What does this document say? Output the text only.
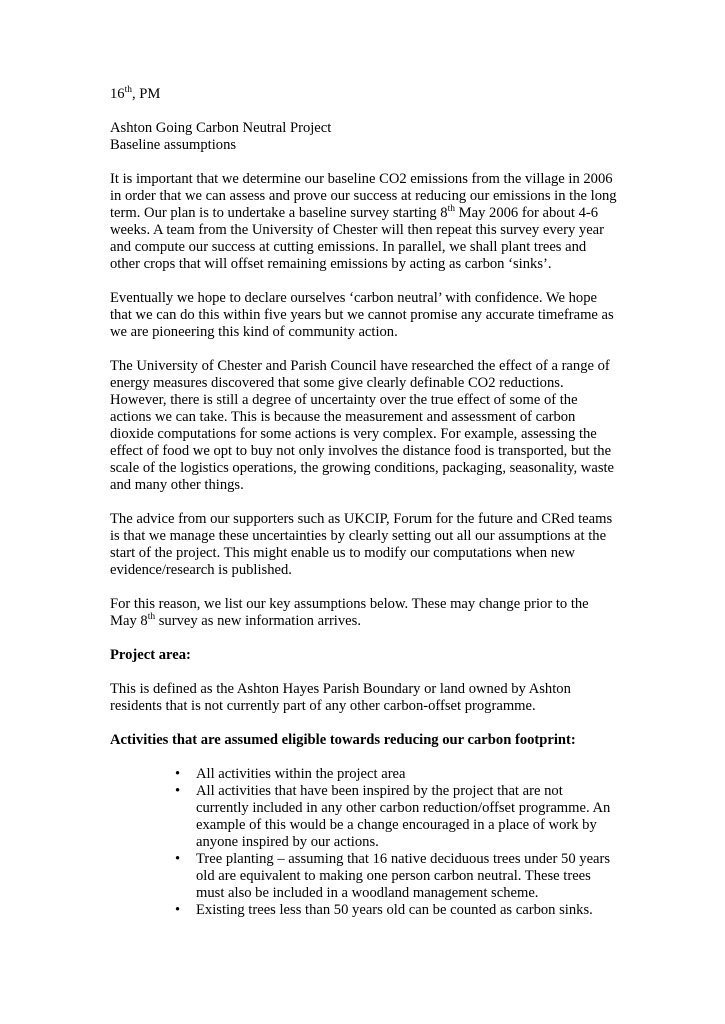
16th, PM

Ashton Going Carbon Neutral Project

Baseline assumptions

It is important that we determine our baseline CO2 emissions from the village in 2006 in order that we can assess and prove our success at reducing our emissions in the long term. Our plan is to undertake a baseline survey starting 8th May 2006 for about 4-6 weeks. A team from the University of Chester will then repeat this survey every year and compute our success at cutting emissions. In parallel, we shall plant trees and other crops that will offset remaining emissions by acting as carbon ‘sinks’.

Eventually we hope to declare ourselves ‘carbon neutral’ with confidence. We hope that we can do this within five years but we cannot promise any accurate timeframe as we are pioneering this kind of community action.

The University of Chester and Parish Council have researched the effect of a range of energy measures discovered that some give clearly definable CO2 reductions. However, there is still a degree of uncertainty over the true effect of some of the actions we can take. This is because the measurement and assessment of carbon dioxide computations for some actions is very complex. For example, assessing the effect of food we opt to buy not only involves the distance food is transported, but the scale of the logistics operations, the growing conditions, packaging, seasonality, waste and many other things.

The advice from our supporters such as UKCIP, Forum for the future and CRed teams is that we manage these uncertainties by clearly setting out all our assumptions at the start of the project. This might enable us to modify our computations when new evidence/research is published.

For this reason, we list our key assumptions below. These may change prior to the May 8th survey as new information arrives.

Project area:

This is defined as the Ashton Hayes Parish Boundary or land owned by Ashton residents that is not currently part of any other carbon-offset programme.

Activities that are assumed eligible towards reducing our carbon footprint:

• All activities within the project area
• All activities that have been inspired by the project that are not currently included in any other carbon reduction/offset programme. An example of this would be a change encouraged in a place of work by anyone inspired by our actions.
• Tree planting – assuming that 16 native deciduous trees under 50 years old are equivalent to making one person carbon neutral. These trees must also be included in a woodland management scheme.
• Existing trees less than 50 years old can be counted as carbon sinks.
